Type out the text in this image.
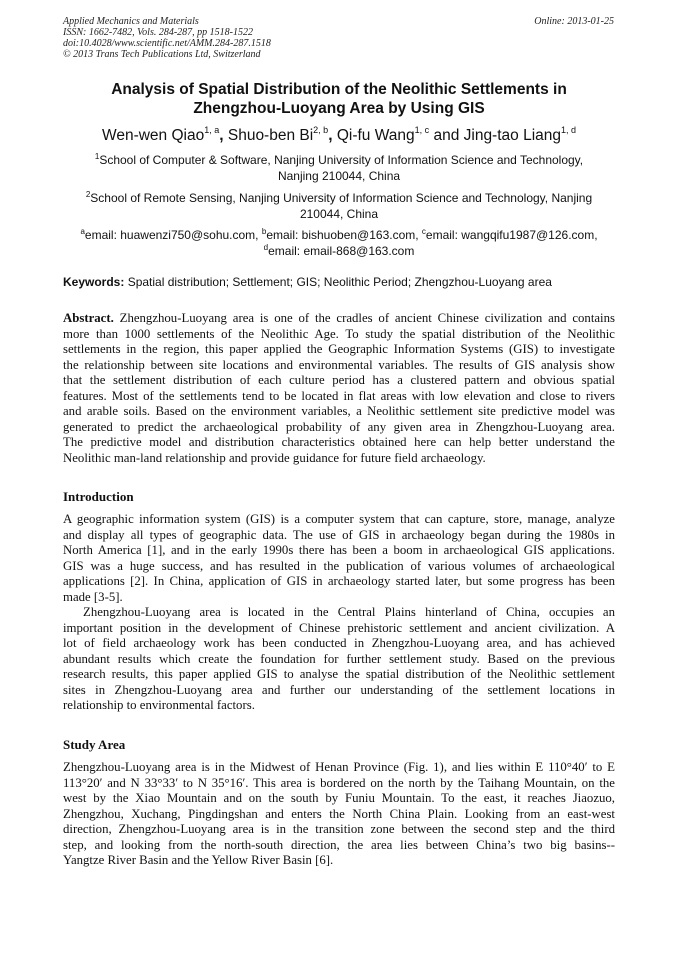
Applied Mechanics and Materials
ISSN: 1662-7482, Vols. 284-287, pp 1518-1522
doi:10.4028/www.scientific.net/AMM.284-287.1518
© 2013 Trans Tech Publications Ltd, Switzerland
Online: 2013-01-25
Analysis of Spatial Distribution of the Neolithic Settlements in
Zhengzhou-Luoyang Area by Using GIS
Wen-wen Qiao$^{1, a}$, Shuo-ben Bi$^{2, b}$, Qi-fu Wang$^{1, c}$ and Jing-tao Liang$^{1, d}$
$^1$School of Computer & Software, Nanjing University of Information Science and Technology,
Nanjing 210044, China
$^2$School of Remote Sensing, Nanjing University of Information Science and Technology, Nanjing
210044, China
$^a$email: huawenzi750@sohu.com, $^b$email: bishuoben@163.com, $^c$email: wangqifu1987@126.com,
$^d$email: email-868@163.com
Keywords: Spatial distribution; Settlement; GIS; Neolithic Period; Zhengzhou-Luoyang area
Abstract. Zhengzhou-Luoyang area is one of the cradles of ancient Chinese civilization and contains
more than 1000 settlements of the Neolithic Age. To study the spatial distribution of the Neolithic
settlements in the region, this paper applied the Geographic Information Systems (GIS) to investigate
the relationship between site locations and environmental variables. The results of GIS analysis show
that the settlement distribution of each culture period has a clustered pattern and obvious spatial
features. Most of the settlements tend to be located in flat areas with low elevation and close to rivers
and arable soils. Based on the environment variables, a Neolithic settlement site predictive model was
generated to predict the archaeological probability of any given area in Zhengzhou-Luoyang area.
The predictive model and distribution characteristics obtained here can help better understand the
Neolithic man-land relationship and provide guidance for future field archaeology.
Introduction
A geographic information system (GIS) is a computer system that can capture, store, manage, analyze
and display all types of geographic data. The use of GIS in archaeology began during the 1980s in
North America [1], and in the early 1990s there has been a boom in archaeological GIS applications.
GIS was a huge success, and has resulted in the publication of various volumes of archaeological
applications [2]. In China, application of GIS in archaeology started later, but some progress has been
made [3-5].
Zhengzhou-Luoyang area is located in the Central Plains hinterland of China, occupies an
important position in the development of Chinese prehistoric settlement and ancient civilization. A
lot of field archaeology work has been conducted in Zhengzhou-Luoyang area, and has achieved
abundant results which create the foundation for further settlement study. Based on the previous
research results, this paper applied GIS to analyse the spatial distribution of the Neolithic settlement
sites in Zhengzhou-Luoyang area and further our understanding of the settlement locations in
relationship to environmental factors.
Study Area
Zhengzhou-Luoyang area is in the Midwest of Henan Province (Fig. 1), and lies within E 110°40′ to E
113°20′ and N 33°33′ to N 35°16′. This area is bordered on the north by the Taihang Mountain, on the
west by the Xiao Mountain and on the south by Funiu Mountain. To the east, it reaches Jiaozuo,
Zhengzhou, Xuchang, Pingdingshan and enters the North China Plain. Looking from an east-west
direction, Zhengzhou-Luoyang area is in the transition zone between the second step and the third
step, and looking from the north-south direction, the area lies between China’s two big basins--
Yangtze River Basin and the Yellow River Basin [6].
